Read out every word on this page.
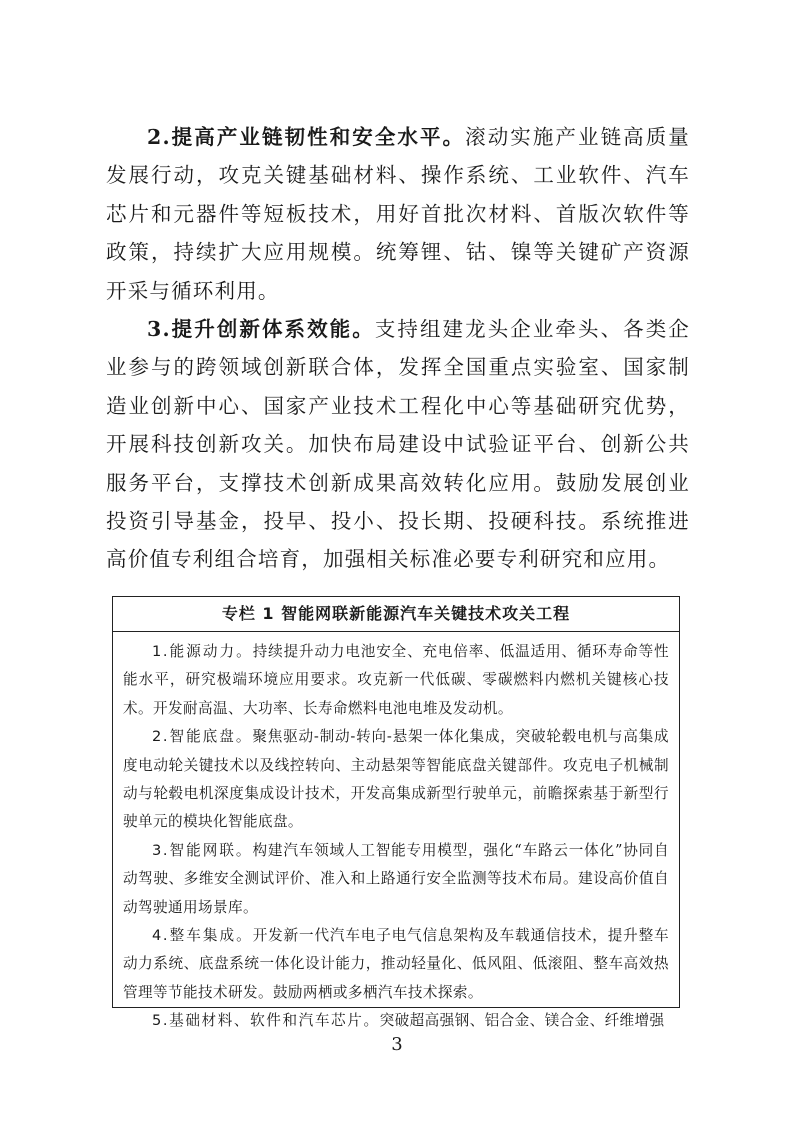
2.提高产业链韧性和安全水平。滚动实施产业链高质量发展行动，攻克关键基础材料、操作系统、工业软件、汽车芯片和元器件等短板技术，用好首批次材料、首版次软件等政策，持续扩大应用规模。统筹锂、钴、镍等关键矿产资源开采与循环利用。

3.提升创新体系效能。支持组建龙头企业牵头、各类企业参与的跨领域创新联合体，发挥全国重点实验室、国家制造业创新中心、国家产业技术工程化中心等基础研究优势，开展科技创新攻关。加快布局建设中试验证平台、创新公共服务平台，支撑技术创新成果高效转化应用。鼓励发展创业投资引导基金，投早、投小、投长期、投硬科技。系统推进高价值专利组合培育，加强相关标准必要专利研究和应用。

专栏 1 智能网联新能源汽车关键技术攻关工程

1.能源动力。持续提升动力电池安全、充电倍率、低温适用、循环寿命等性能水平，研究极端环境应用要求。攻克新一代低碳、零碳燃料内燃机关键核心技术。开发耐高温、大功率、长寿命燃料电池电堆及发动机。

2.智能底盘。聚焦驱动-制动-转向-悬架一体化集成，突破轮毂电机与高集成度电动轮关键技术以及线控转向、主动悬架等智能底盘关键部件。攻克电子机械制动与轮毂电机深度集成设计技术，开发高集成新型行驶单元，前瞻探索基于新型行驶单元的模块化智能底盘。

3.智能网联。构建汽车领域人工智能专用模型，强化“车路云一体化”协同自动驾驶、多维安全测试评价、准入和上路通行安全监测等技术布局。建设高价值自动驾驶通用场景库。

4.整车集成。开发新一代汽车电子电气信息架构及车载通信技术，提升整车动力系统、底盘系统一体化设计能力，推动轻量化、低风阻、低滚阻、整车高效热管理等节能技术研发。鼓励两栖或多栖汽车技术探索。

5.基础材料、软件和汽车芯片。突破超高强钢、铝合金、镁合金、纤维增强

3
